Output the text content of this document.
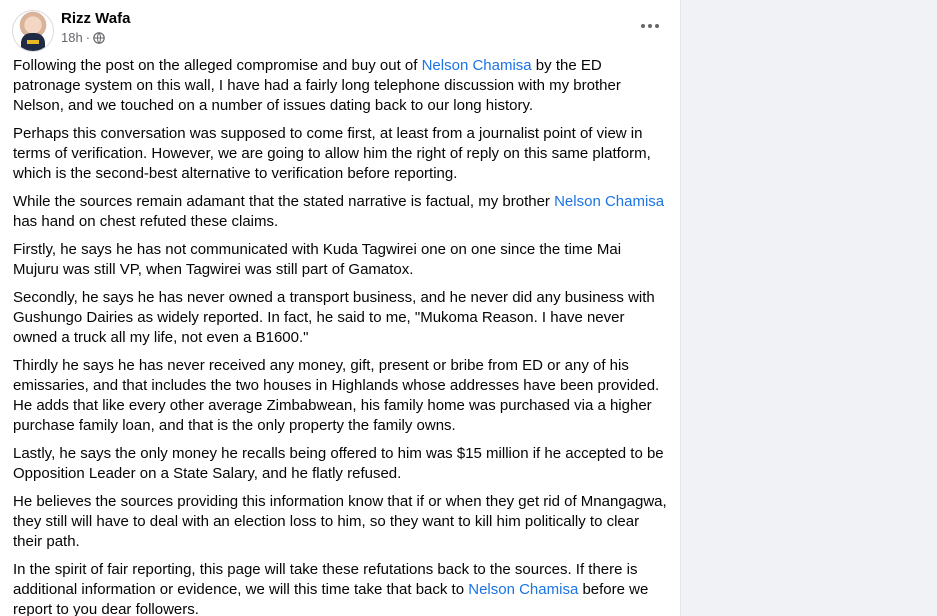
Rizz Wafa
18h ·

Following the post on the alleged compromise and buy out of Nelson Chamisa by the ED patronage system on this wall, I have had a fairly long telephone discussion with my brother Nelson, and we touched on a number of issues dating back to our long history.

Perhaps this conversation was supposed to come first, at least from a journalist point of view in terms of verification. However, we are going to allow him the right of reply on this same platform, which is the second-best alternative to verification before reporting.

While the sources remain adamant that the stated narrative is factual, my brother Nelson Chamisa has hand on chest refuted these claims.

Firstly, he says he has not communicated with Kuda Tagwirei one on one since the time Mai Mujuru was still VP, when Tagwirei was still part of Gamatox.

Secondly, he says he has never owned a transport business, and he never did any business with Gushungo Dairies as widely reported. In fact, he said to me, "Mukoma Reason. I have never owned a truck all my life, not even a B1600."

Thirdly he says he has never received any money, gift, present or bribe from ED or any of his emissaries, and that includes the two houses in Highlands whose addresses have been provided. He adds that like every other average Zimbabwean, his family home was purchased via a higher purchase family loan, and that is the only property the family owns.

Lastly, he says the only money he recalls being offered to him was $15 million if he accepted to be Opposition Leader on a State Salary, and he flatly refused.

He believes the sources providing this information know that if or when they get rid of Mnangagwa, they still will have to deal with an election loss to him, so they want to kill him politically to clear their path.

In the spirit of fair reporting, this page will take these refutations back to the sources. If there is additional information or evidence, we will this time take that back to Nelson Chamisa before we report to you dear followers.
